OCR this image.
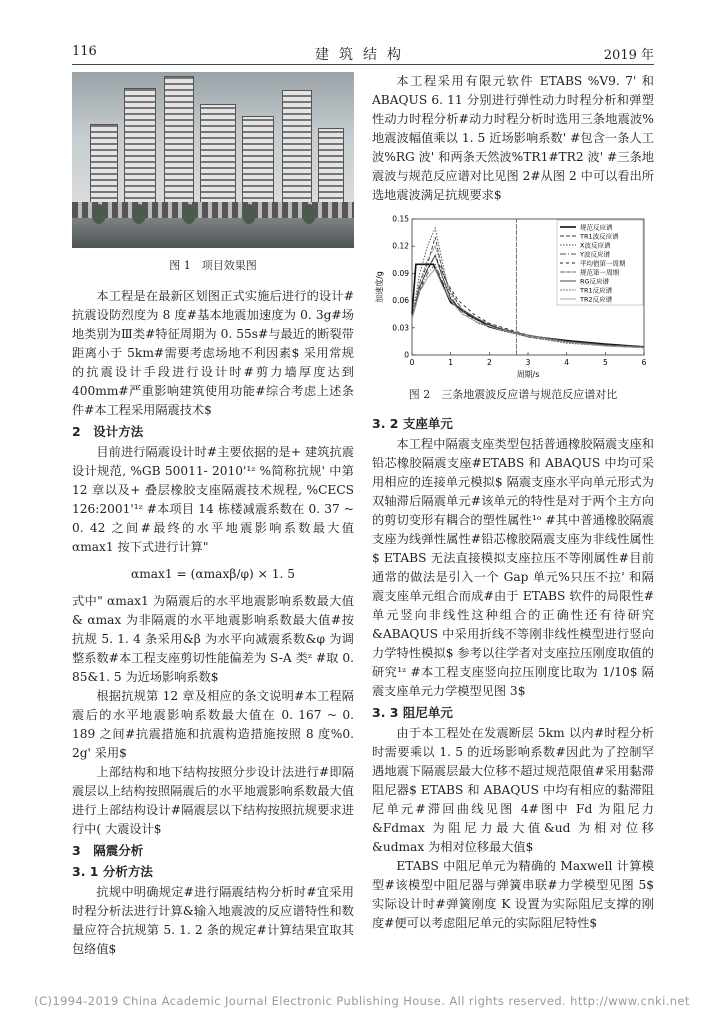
116	建筑结构	2019 年
图 1　项目效果图

本工程是在最新区划图正式实施后进行的设计#抗震设防烈度为 8 度#基本地震加速度为 0. 3g#场地类别为Ⅲ类#特征周期为 0. 55s#与最近的断裂带距离小于 5km#需要考虑场地不利因素$ 采用常规的抗震设计手段进行设计时#剪力墙厚度达到 400mm#严重影响建筑使用功能#综合考虑上述条件#本工程采用隔震技术$

2　设计方法

目前进行隔震设计时#主要依据的是+ 建筑抗震设计规范, %GB 50011- 2010'¹ᶻ %简称抗规' 中第 12 章以及+ 叠层橡胶支座隔震技术规程, %CECS 126:2001'¹ᶻ #本项目 14 栋楼减震系数在 0. 37 ~ 0. 42 之间#最终的水平地震影响系数最大值 αmax1 按下式进行计算"

αmax1 = (αmaxβ/φ) × 1. 5

式中" αmax1 为隔震后的水平地震影响系数最大值& αmax 为非隔震的水平地震影响系数最大值#按抗规 5. 1. 4 条采用&β 为水平向减震系数&φ 为调整系数#本工程支座剪切性能偏差为 S-A 类ᶻ #取 0. 85&1. 5 为近场影响系数$

根据抗规第 12 章及相应的条文说明#本工程隔震后的水平地震影响系数最大值在 0. 167 ~ 0. 189 之间#抗震措施和抗震构造措施按照 8 度%0. 2g' 采用$

上部结构和地下结构按照分步设计法进行#即隔震层以上结构按照隔震后的水平地震影响系数最大值进行上部结构设计#隔震层以下结构按照抗规要求进行中( 大震设计$

3　隔震分析
3. 1 分析方法

抗规中明确规定#进行隔震结构分析时#宜采用时程分析法进行计算&输入地震波的反应谱特性和数量应符合抗规第 5. 1. 2 条的规定#计算结果宜取其包络值$

本工程采用有限元软件 ETABS %V9. 7' 和 ABAQUS 6. 11 分别进行弹性动力时程分析和弹塑性动力时程分析#动力时程分析时选用三条地震波%地震波幅值乘以 1. 5 近场影响系数' #包含一条人工波%RG 波' 和两条天然波%TR1#TR2 波' #三条地震波与规范反应谱对比见图 2#从图 2 中可以看出所选地震波满足抗规要求$

0	1	2	3	4	5	6
0
0.03
0.06
0.09
0.12
0.15
周期/s
加速度/g
规范反应谱
TR1波反应谱
X波反应谱
Y波反应谱
平均值第一周期
规范第一周期
RG反应谱
TR1反应谱
TR2反应谱
图 2　三条地震波反应谱与规范反应谱对比
3. 2 支座单元

本工程中隔震支座类型包括普通橡胶隔震支座和铅芯橡胶隔震支座#ETABS 和 ABAQUS 中均可采用相应的连接单元模拟$ 隔震支座水平向单元形式为双轴滞后隔震单元#该单元的特性是对于两个主方向的剪切变形有耦合的塑性属性¹ᵒ #其中普通橡胶隔震支座为线弹性属性#铅芯橡胶隔震支座为非线性属性$ ETABS 无法直接模拟支座拉压不等刚属性#目前通常的做法是引入一个 Gap 单元%只压不拉' 和隔震支座单元组合而成#由于 ETABS 软件的局限性#单元竖向非线性这种组合的正确性还有待研究&ABAQUS 中采用折线不等刚非线性模型进行竖向力学特性模拟$ 参考以往学者对支座拉压刚度取值的研究¹ᶻ #本工程支座竖向拉压刚度比取为 1/10$ 隔震支座单元力学模型见图 3$

3. 3 阻尼单元

由于本工程处在发震断层 5km 以内#时程分析时需要乘以 1. 5 的近场影响系数#因此为了控制罕遇地震下隔震层最大位移不超过规范限值#采用黏滞阻尼器$ ETABS 和 ABAQUS 中均有相应的黏滞阻尼单元#滞回曲线见图 4#图中 Fd 为阻尼力&Fdmax 为阻尼力最大值&ud 为相对位移&udmax 为相对位移最大值$

ETABS 中阻尼单元为精确的 Maxwell 计算模型#该模型中阻尼器与弹簧串联#力学模型见图 5$ 实际设计时#弹簧刚度 K 设置为实际阻尼支撑的刚度#便可以考虑阻尼单元的实际阻尼特性$

(C)1994-2019 China Academic Journal Electronic Publishing House. All rights reserved. http://www.cnki.net
